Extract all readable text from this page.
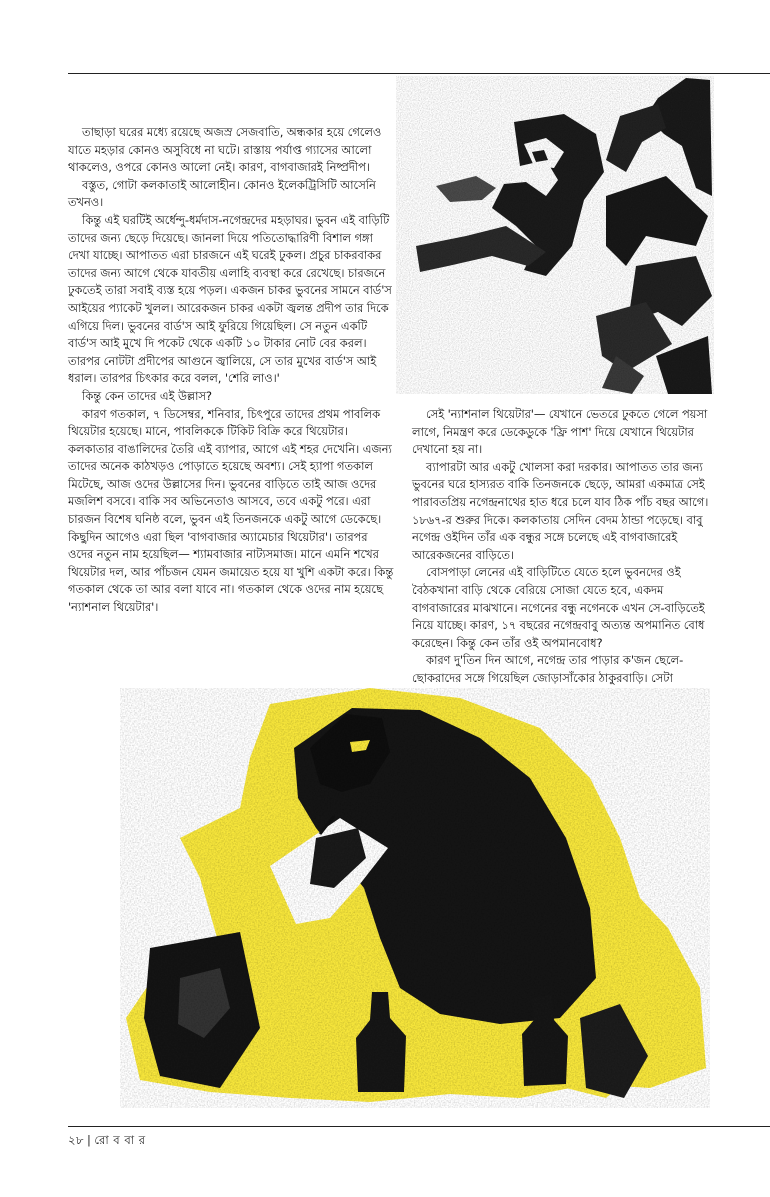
তাছাড়া ঘরের মধ্যে রয়েছে অজস্র সেজবাতি, অন্ধকার হয়ে গেলেও যাতে মহড়ার কোনও অসুবিধে না ঘটে। রাস্তায় পর্যাপ্ত গ্যাসের আলো থাকলেও, ওপরে কোনও আলো নেই। কারণ, বাগবাজারই নিষ্প্রদীপ।

বস্তুত, গোটা কলকাতাই আলোহীন। কোনও ইলেকট্রিসিটি আসেনি তখনও।

কিন্তু এই ঘরটিই অর্ধেন্দু-ধর্মদাস-নগেন্দ্রদের মহড়াঘর। ভুবন এই বাড়িটি তাদের জন্য ছেড়ে দিয়েছে। জানলা দিয়ে পতিতোদ্ধারিণী বিশাল গঙ্গা দেখা যাচ্ছে। আপাতত এরা চারজনে এই ঘরেই ঢুকল। প্রচুর চাকরবাকর তাদের জন্য আগে থেকে যাবতীয় এলাহি ব্যবস্থা করে রেখেছে। চারজনে ঢুকতেই তারা সবাই ব্যস্ত হয়ে পড়ল। একজন চাকর ভুবনের সামনে বার্ড'স আইয়ের প্যাকেট খুলল। আরেকজন চাকর একটা জ্বলন্ত প্রদীপ তার দিকে এগিয়ে দিল। ভুবনের বার্ড'স আই ফুরিয়ে গিয়েছিল। সে নতুন একটি বার্ড'স আই মুখে দি পকেট থেকে একটি ১০ টাকার নোট বের করল। তারপর নোটটা প্রদীপের আগুনে জ্বালিয়ে, সে তার মুখের বার্ড'স আই ধরাল। তারপর চিৎকার করে বলল, 'শেরি লাও।'

কিন্তু কেন তাদের এই উল্লাস?

কারণ গতকাল, ৭ ডিসেম্বর, শনিবার, চিৎপুরে তাদের প্রথম পাবলিক থিয়েটার হয়েছে। মানে, পাবলিককে টিকিট বিক্রি করে থিয়েটার। কলকাতার বাঙালিদের তৈরি এই ব্যাপার, আগে এই শহর দেখেনি। এজন্য তাদের অনেক কাঠখড়ও পোড়াতে হয়েছে অবশ্য। সেই হ্যাপা গতকাল মিটেছে, আজ ওদের উল্লাসের দিন। ভুবনের বাড়িতে তাই আজ ওদের মজলিশ বসবে। বাকি সব অভিনেতাও আসবে, তবে একটু পরে। এরা চারজন বিশেষ ঘনিষ্ঠ বলে, ভুবন এই তিনজনকে একটু আগে ডেকেছে। কিছুদিন আগেও এরা ছিল 'বাগবাজার অ্যামেচার থিয়েটার'। তারপর ওদের নতুন নাম হয়েছিল— শ্যামবাজার নাট্যসমাজ। মানে এমনি শখের থিয়েটার দল, আর পাঁচজন যেমন জমায়েত হয়ে যা খুশি একটা করে। কিন্তু গতকাল থেকে তা আর বলা যাবে না। গতকাল থেকে ওদের নাম হয়েছে 'ন্যাশনাল থিয়েটার'।

সেই 'ন্যাশনাল থিয়েটার'— যেখানে ভেতরে ঢুকতে গেলে পয়সা লাগে, নিমন্ত্রণ করে ডেকেডুকে 'ফ্রি পাশ' দিয়ে যেখানে থিয়েটার দেখানো হয় না।

ব্যাপারটা আর একটু খোলসা করা দরকার। আপাতত তার জন্য ভুবনের ঘরে হাস্যরত বাকি তিনজনকে ছেড়ে, আমরা একমাত্র সেই পারাবতপ্রিয় নগেন্দ্রনাথের হাত ধরে চলে যাব ঠিক পাঁচ বছর আগে। ১৮৬৭-র শুরুর দিকে। কলকাতায় সেদিন বেদম ঠান্ডা পড়েছে। বাবু নগেন্দ্র ওইদিন তাঁর এক বন্ধুর সঙ্গে চলেছে এই বাগবাজারেই আরেকজনের বাড়িতে।

বোসপাড়া লেনের এই বাড়িটিতে যেতে হলে ভুবনদের ওই বৈঠকখানা বাড়ি থেকে বেরিয়ে সোজা যেতে হবে, একদম বাগবাজারের মাঝখানে। নগেনের বন্ধু নগেনকে এখন সে-বাড়িতেই নিয়ে যাচ্ছে। কারণ, ১৭ বছরের নগেন্দ্রবাবু অত্যন্ত অপমানিত বোধ করেছেন। কিন্তু কেন তাঁর ওই অপমানবোধ?

কারণ দু'তিন দিন আগে, নগেন্দ্র তার পাড়ার ক'জন ছেলে-ছোকরাদের সঙ্গে গিয়েছিল জোড়াসাঁকোর ঠাকুরবাড়ি। সেটা

২৮ | রো ব বা র
